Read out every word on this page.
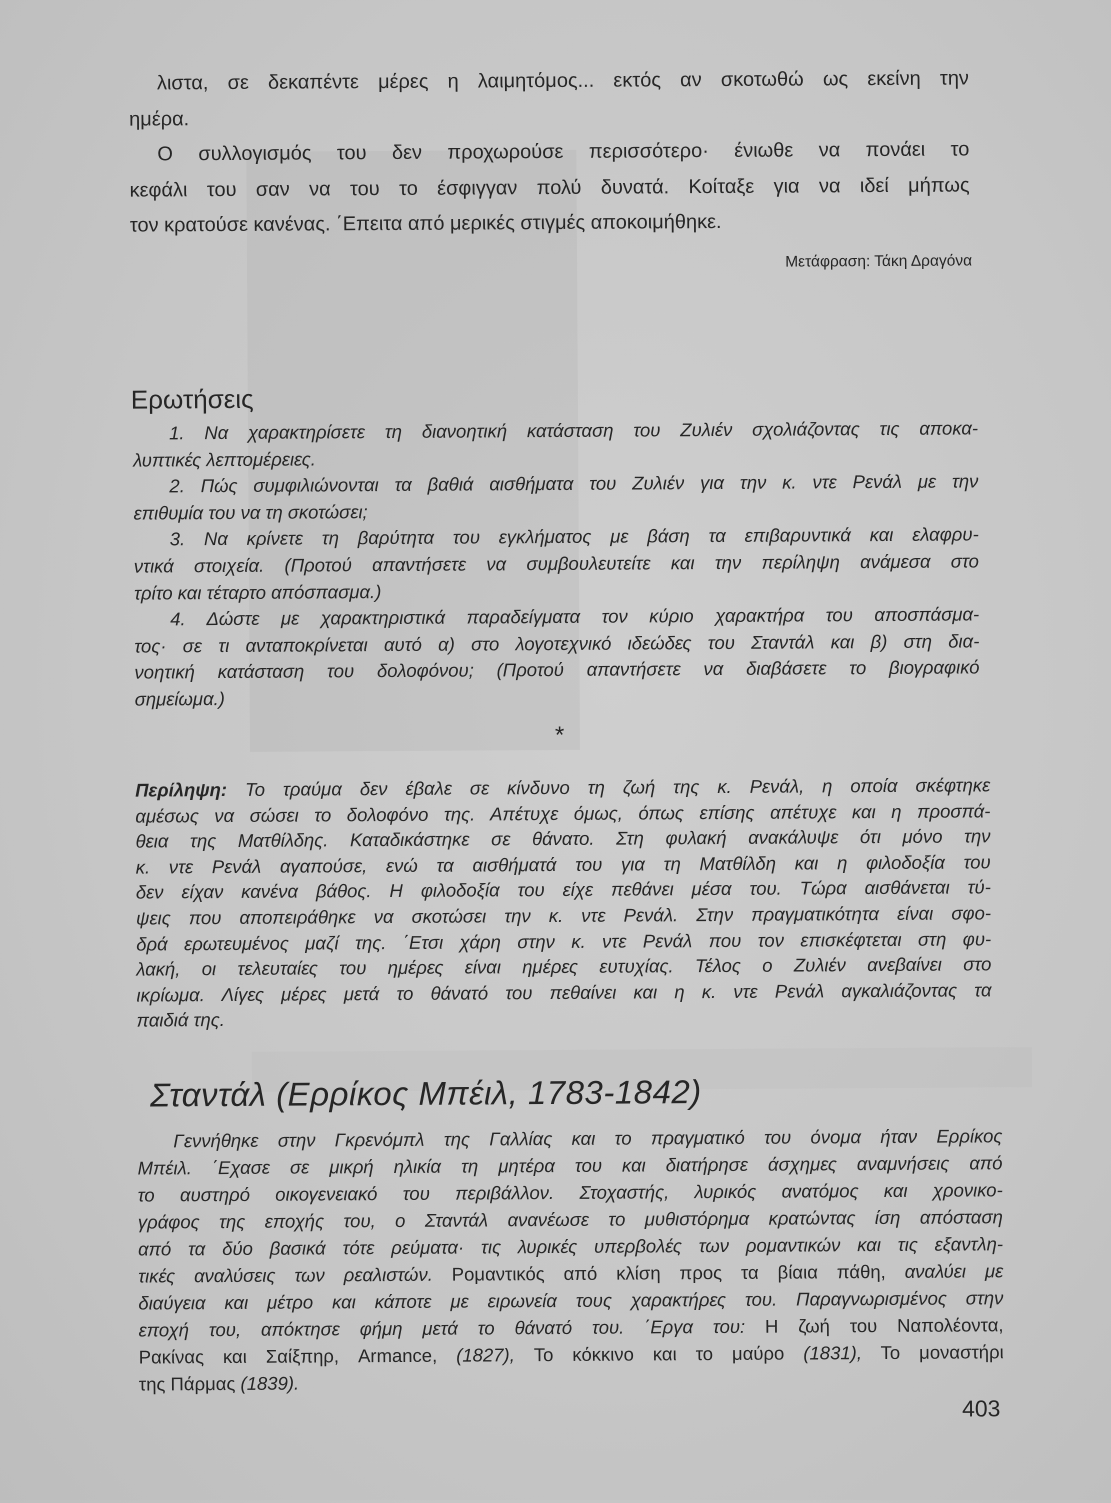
λιστα, σε δεκαπέντε μέρες η λαιμητόμος... εκτός αν σκοτωθώ ως εκείνη την
ημέρα.
Ο συλλογισμός του δεν προχωρούσε περισσότερο· ένιωθε να πονάει το
κεφάλι του σαν να του το έσφιγγαν πολύ δυνατά. Κοίταξε για να ιδεί μήπως
τον κρατούσε κανένας. ΄Επειτα από μερικές στιγμές αποκοιμήθηκε.
Μετάφραση: Τάκη Δραγόνα
Ερωτήσεις
1. Να χαρακτηρίσετε τη διανοητική κατάσταση του Ζυλιέν σχολιάζοντας τις αποκα-
λυπτικές λεπτομέρειες.
2. Πώς συμφιλιώνονται τα βαθιά αισθήματα του Ζυλιέν για την κ. ντε Ρενάλ με την
επιθυμία του να τη σκοτώσει;
3. Να κρίνετε τη βαρύτητα του εγκλήματος με βάση τα επιβαρυντικά και ελαφρυ-
ντικά στοιχεία. (Προτού απαντήσετε να συμβουλευτείτε και την περίληψη ανάμεσα στο
τρίτο και τέταρτο απόσπασμα.)
4. Δώστε με χαρακτηριστικά παραδείγματα τον κύριο χαρακτήρα του αποσπάσμα-
τος· σε τι ανταποκρίνεται αυτό α) στο λογοτεχνικό ιδεώδες του Σταντάλ και β) στη δια-
νοητική κατάσταση του δολοφόνου; (Προτού απαντήσετε να διαβάσετε το βιογραφικό
σημείωμα.)
*
Περίληψη: Το τραύμα δεν έβαλε σε κίνδυνο τη ζωή της κ. Ρενάλ, η οποία σκέφτηκε
αμέσως να σώσει το δολοφόνο της. Απέτυχε όμως, όπως επίσης απέτυχε και η προσπά-
θεια της Ματθίλδης. Καταδικάστηκε σε θάνατο. Στη φυλακή ανακάλυψε ότι μόνο την
κ. ντε Ρενάλ αγαπούσε, ενώ τα αισθήματά του για τη Ματθίλδη και η φιλοδοξία του
δεν είχαν κανένα βάθος. Η φιλοδοξία του είχε πεθάνει μέσα του. Τώρα αισθάνεται τύ-
ψεις που αποπειράθηκε να σκοτώσει την κ. ντε Ρενάλ. Στην πραγματικότητα είναι σφο-
δρά ερωτευμένος μαζί της. ΄Ετσι χάρη στην κ. ντε Ρενάλ που τον επισκέφτεται στη φυ-
λακή, οι τελευταίες του ημέρες είναι ημέρες ευτυχίας. Τέλος ο Ζυλιέν ανεβαίνει στο
ικρίωμα. Λίγες μέρες μετά το θάνατό του πεθαίνει και η κ. ντε Ρενάλ αγκαλιάζοντας τα
παιδιά της.
Σταντάλ (Ερρίκος Μπέιλ, 1783-1842)
Γεννήθηκε στην Γκρενόμπλ της Γαλλίας και το πραγματικό του όνομα ήταν Ερρίκος
Μπέιλ. ΄Εχασε σε μικρή ηλικία τη μητέρα του και διατήρησε άσχημες αναμνήσεις από
το αυστηρό οικογενειακό του περιβάλλον. Στοχαστής, λυρικός ανατόμος και χρονικο-
γράφος της εποχής του, ο Σταντάλ ανανέωσε το μυθιστόρημα κρατώντας ίση απόσταση
από τα δύο βασικά τότε ρεύματα· τις λυρικές υπερβολές των ρομαντικών και τις εξαντλη-
τικές αναλύσεις των ρεαλιστών. Ρομαντικός από κλίση προς τα βίαια πάθη, αναλύει με
διαύγεια και μέτρο και κάποτε με ειρωνεία τους χαρακτήρες του. Παραγνωρισμένος στην
εποχή του, απόκτησε φήμη μετά το θάνατό του. ΄Εργα του: Η ζωή του Ναπολέοντα,
Ρακίνας και Σαίξπηρ, Armance, (1827), Το κόκκινο και το μαύρο (1831), Το μοναστήρι
της Πάρμας (1839).
403
